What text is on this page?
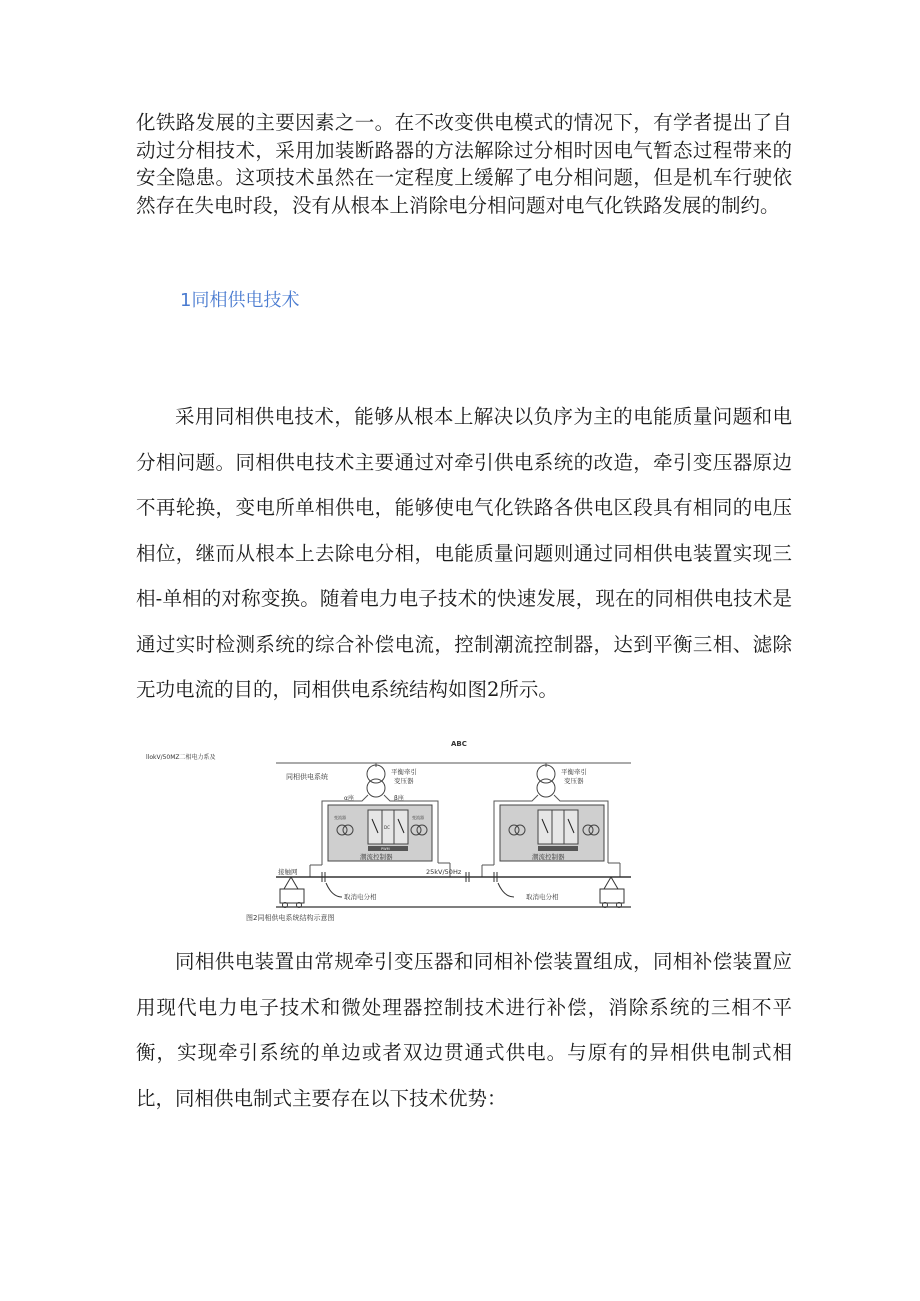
化铁路发展的主要因素之一。在不改变供电模式的情况下，有学者提出了自动过分相技术，采用加装断路器的方法解除过分相时因电气暂态过程带来的安全隐患。这项技术虽然在一定程度上缓解了电分相问题，但是机车行驶依然存在失电时段，没有从根本上消除电分相问题对电气化铁路发展的制约。

1同相供电技术

采用同相供电技术，能够从根本上解决以负序为主的电能质量问题和电分相问题。同相供电技术主要通过对牵引供电系统的改造，牵引变压器原边不再轮换，变电所单相供电，能够使电气化铁路各供电区段具有相同的电压相位，继而从根本上去除电分相，电能质量问题则通过同相供电装置实现三相-单相的对称变换。随着电力电子技术的快速发展，现在的同相供电技术是通过实时检测系统的综合补偿电流，控制潮流控制器，达到平衡三相、滤除无功电流的目的，同相供电系统结构如图2所示。

ABC
llokV/50MZ二相电力系及
同相供电系统
平衡牵引
变压器
α座	β座
变流器
DC
变流器
PWM
潮流控制器
平衡牵引
变压器
潮流控制器
25kV/50Hz
接触网
取消电分相	取消电分相
图2同相供电系统结构示意图

同相供电装置由常规牵引变压器和同相补偿装置组成，同相补偿装置应用现代电力电子技术和微处理器控制技术进行补偿，消除系统的三相不平衡，实现牵引系统的单边或者双边贯通式供电。与原有的异相供电制式相比，同相供电制式主要存在以下技术优势：
